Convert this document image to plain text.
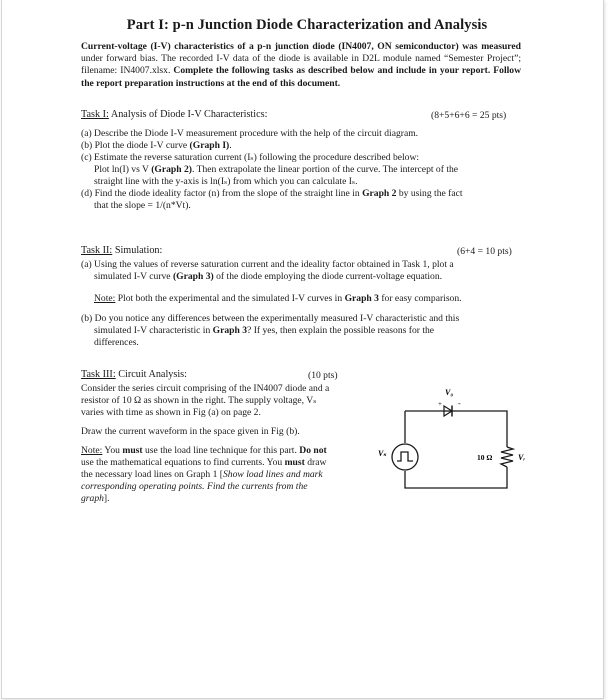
Part I: p-n Junction Diode Characterization and Analysis

Current-voltage (I-V) characteristics of a p-n junction diode (IN4007, ON semiconductor) was measured under forward bias. The recorded I-V data of the diode is available in D2L module named “Semester Project”; filename: IN4007.xlsx. Complete the following tasks as described below and include in your report. Follow the report preparation instructions at the end of this document.

Task I: Analysis of Diode I-V Characteristics:	(8+5+6+6 = 25 pts)
(a) Describe the Diode I-V measurement procedure with the help of the circuit diagram.
(b) Plot the diode I-V curve (Graph I).
(c) Estimate the reverse saturation current (Iₛ) following the procedure described below:
Plot ln(I) vs V (Graph 2). Then extrapolate the linear portion of the curve. The intercept of the
straight line with the y-axis is ln(Iₛ) from which you can calculate Iₛ.
(d) Find the diode ideality factor (n) from the slope of the straight line in Graph 2 by using the fact
that the slope = 1/(n*Vt).
Task II: Simulation:	(6+4 = 10 pts)
(a) Using the values of reverse saturation current and the ideality factor obtained in Task 1, plot a
simulated I-V curve (Graph 3) of the diode employing the diode current-voltage equation.
Note: Plot both the experimental and the simulated I-V curves in Graph 3 for easy comparison.
(b) Do you notice any differences between the experimentally measured I-V characteristic and this
simulated I-V characteristic in Graph 3? If yes, then explain the possible reasons for the
differences.
Task III: Circuit Analysis:	(10 pts)
Consider the series circuit comprising of the IN4007 diode and a
resistor of 10 Ω as shown in the right. The supply voltage, Vₛ
varies with time as shown in Fig (a) on page 2.
Draw the current waveform in the space given in Fig (b).
Note: You must use the load line technique for this part. Do not
use the mathematical equations to find currents. You must draw
the necessary load lines on Graph 1 [Show load lines and mark
corresponding operating points. Find the currents from the
graph].
+ -
V₀
Vₛ	10 Ω	Vᵣ
